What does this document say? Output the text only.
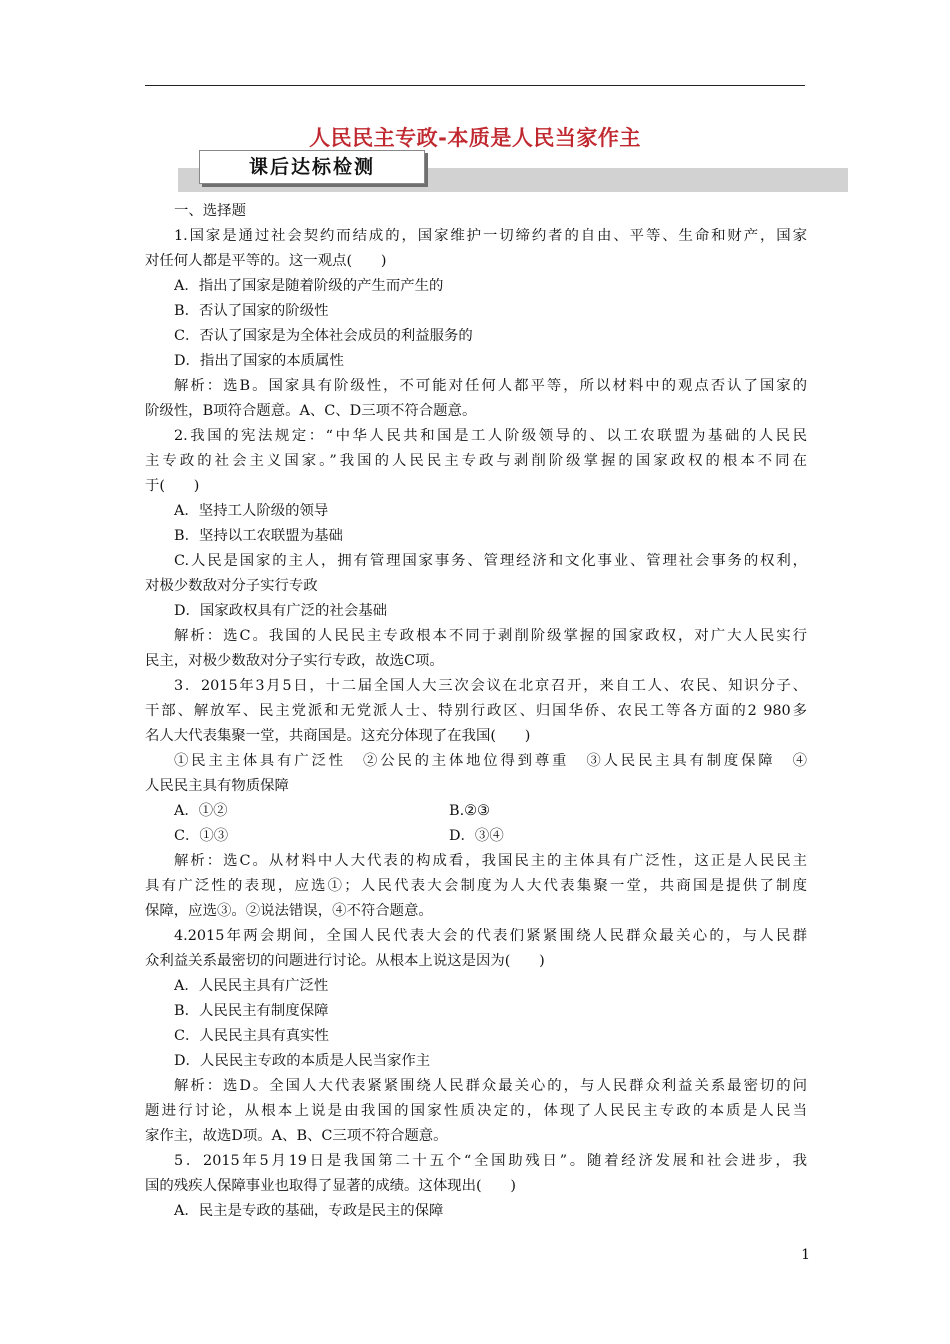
人民民主专政-本质是人民当家作主
课后达标检测
一、选择题
1.国家是通过社会契约而结成的，国家维护一切缔约者的自由、平等、生命和财产，国家
对任何人都是平等的。这一观点(　　)
A．指出了国家是随着阶级的产生而产生的
B．否认了国家的阶级性
C．否认了国家是为全体社会成员的利益服务的
D．指出了国家的本质属性
解析：选B。国家具有阶级性，不可能对任何人都平等，所以材料中的观点否认了国家的
阶级性，B项符合题意。A、C、D三项不符合题意。
2.我国的宪法规定：“中华人民共和国是工人阶级领导的、以工农联盟为基础的人民民
主专政的社会主义国家。”我国的人民民主专政与剥削阶级掌握的国家政权的根本不同在
于(　　)
A．坚持工人阶级的领导
B．坚持以工农联盟为基础
C.人民是国家的主人，拥有管理国家事务、管理经济和文化事业、管理社会事务的权利，
对极少数敌对分子实行专政
D．国家政权具有广泛的社会基础
解析：选C。我国的人民民主专政根本不同于剥削阶级掌握的国家政权，对广大人民实行
民主，对极少数敌对分子实行专政，故选C项。
3．2015年3月5日，十二届全国人大三次会议在北京召开，来自工人、农民、知识分子、
干部、解放军、民主党派和无党派人士、特别行政区、归国华侨、农民工等各方面的2 980多
名人大代表集聚一堂，共商国是。这充分体现了在我国(　　)
①民主主体具有广泛性　②公民的主体地位得到尊重　③人民民主具有制度保障　④
人民民主具有物质保障
A．①②	B.②③
C．①③	D．③④
解析：选C。从材料中人大代表的构成看，我国民主的主体具有广泛性，这正是人民民主
具有广泛性的表现，应选①；人民代表大会制度为人大代表集聚一堂，共商国是提供了制度
保障，应选③。②说法错误，④不符合题意。
4.2015年两会期间，全国人民代表大会的代表们紧紧围绕人民群众最关心的，与人民群
众利益关系最密切的问题进行讨论。从根本上说这是因为(　　)
A．人民民主具有广泛性
B．人民民主有制度保障
C．人民民主具有真实性
D．人民民主专政的本质是人民当家作主
解析：选D。全国人大代表紧紧围绕人民群众最关心的，与人民群众利益关系最密切的问
题进行讨论，从根本上说是由我国的国家性质决定的，体现了人民民主专政的本质是人民当
家作主，故选D项。A、B、C三项不符合题意。
5．2015年5月19日是我国第二十五个“全国助残日”。随着经济发展和社会进步，我
国的残疾人保障事业也取得了显著的成绩。这体现出(　　)
A．民主是专政的基础，专政是民主的保障
1
